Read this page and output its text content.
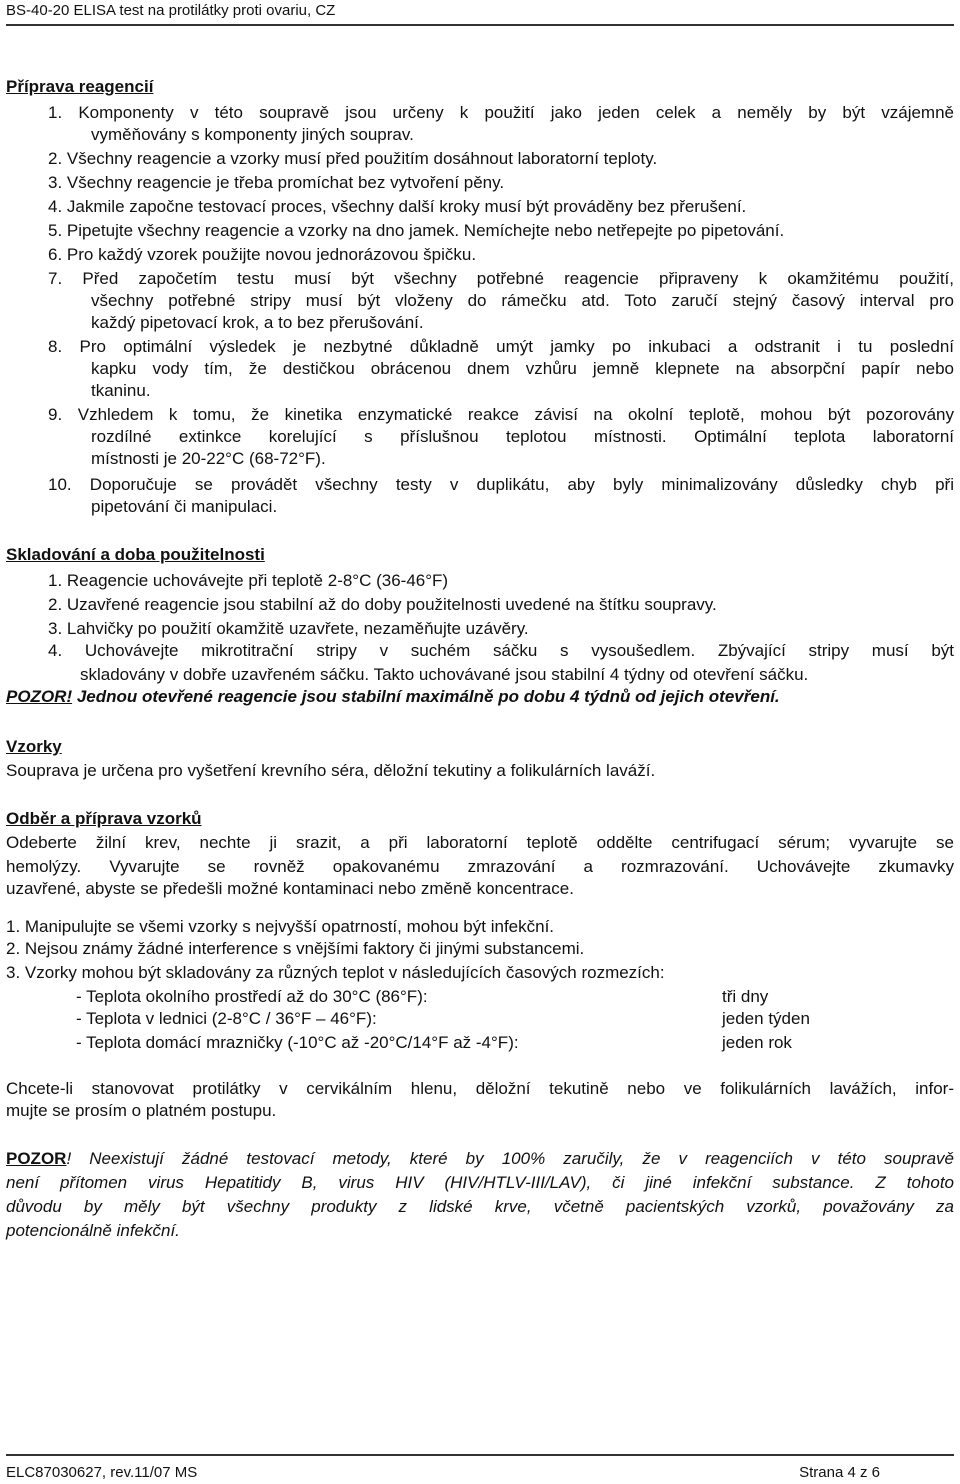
BS-40-20 ELISA test na protilátky proti ovariu, CZ
Příprava reagencií
1. Komponenty v této soupravě jsou určeny k použití jako jeden celek a neměly by být vzájemně
vyměňovány s komponenty jiných souprav.
2. Všechny reagencie a vzorky musí před použitím dosáhnout laboratorní teploty.
3. Všechny reagencie je třeba promíchat bez vytvoření pěny.
4. Jakmile započne testovací proces, všechny další kroky musí být prováděny bez přerušení.
5. Pipetujte všechny reagencie a vzorky na dno jamek. Nemíchejte nebo netřepejte po pipetování.
6. Pro každý vzorek použijte novou jednorázovou špičku.
7. Před započetím testu musí být všechny potřebné reagencie připraveny k okamžitému použití,
všechny potřebné stripy musí být vloženy do rámečku atd. Toto zaručí stejný časový interval pro
každý pipetovací krok, a to bez přerušování.
8. Pro optimální výsledek je nezbytné důkladně umýt jamky po inkubaci a odstranit i tu poslední
kapku vody tím, že destičkou obrácenou dnem vzhůru jemně klepnete na absorpční papír nebo
tkaninu.
9. Vzhledem k tomu, že kinetika enzymatické reakce závisí na okolní teplotě, mohou být pozorovány
rozdílné extinkce korelující s příslušnou teplotou místnosti. Optimální teplota laboratorní
místnosti je 20-22°C (68-72°F).
10. Doporučuje se provádět všechny testy v duplikátu, aby byly minimalizovány důsledky chyb při
pipetování či manipulaci.
Skladování a doba použitelnosti
1. Reagencie uchovávejte při teplotě 2-8°C (36-46°F)
2. Uzavřené reagencie jsou stabilní až do doby použitelnosti uvedené na štítku soupravy.
3. Lahvičky po použití okamžitě uzavřete, nezaměňujte uzávěry.
4. Uchovávejte mikrotitrační stripy v suchém sáčku s vysoušedlem. Zbývající stripy musí být
skladovány v dobře uzavřeném sáčku. Takto uchovávané jsou stabilní 4 týdny od otevření sáčku.
POZOR! Jednou otevřené reagencie jsou stabilní maximálně po dobu 4 týdnů od jejich otevření.
Vzorky
Souprava je určena pro vyšetření krevního séra, děložní tekutiny a folikulárních laváží.
Odběr a příprava vzorků
Odeberte žilní krev, nechte ji srazit, a při laboratorní teplotě oddělte centrifugací sérum; vyvarujte se
hemolýzy. Vyvarujte se rovněž opakovanému zmrazování a rozmrazování. Uchovávejte zkumavky
uzavřené, abyste se předešli možné kontaminaci nebo změně koncentrace.
1. Manipulujte se všemi vzorky s nejvyšší opatrností, mohou být infekční.
2. Nejsou známy žádné interference s vnějšími faktory či jinými substancemi.
3. Vzorky mohou být skladovány za různých teplot v následujících časových rozmezích:
- Teplota okolního prostředí až do 30°C (86°F):	tři dny
- Teplota v lednici (2-8°C / 36°F – 46°F):	jeden týden
- Teplota domácí mrazničky (-10°C až -20°C/14°F až -4°F):	jeden rok
Chcete-li stanovovat protilátky v cervikálním hlenu, děložní tekutině nebo ve folikulárních lavážích, infor-
mujte se prosím o platném postupu.
POZOR! Neexistují žádné testovací metody, které by 100% zaručily, že v reagenciích v této soupravě
není přítomen virus Hepatitidy B, virus HIV (HIV/HTLV-III/LAV), či jiné infekční substance. Z tohoto
důvodu by měly být všechny produkty z lidské krve, včetně pacientských vzorků, považovány za
potencionálně infekční.
ELC87030627, rev.11/07 MS	Strana 4 z 6
